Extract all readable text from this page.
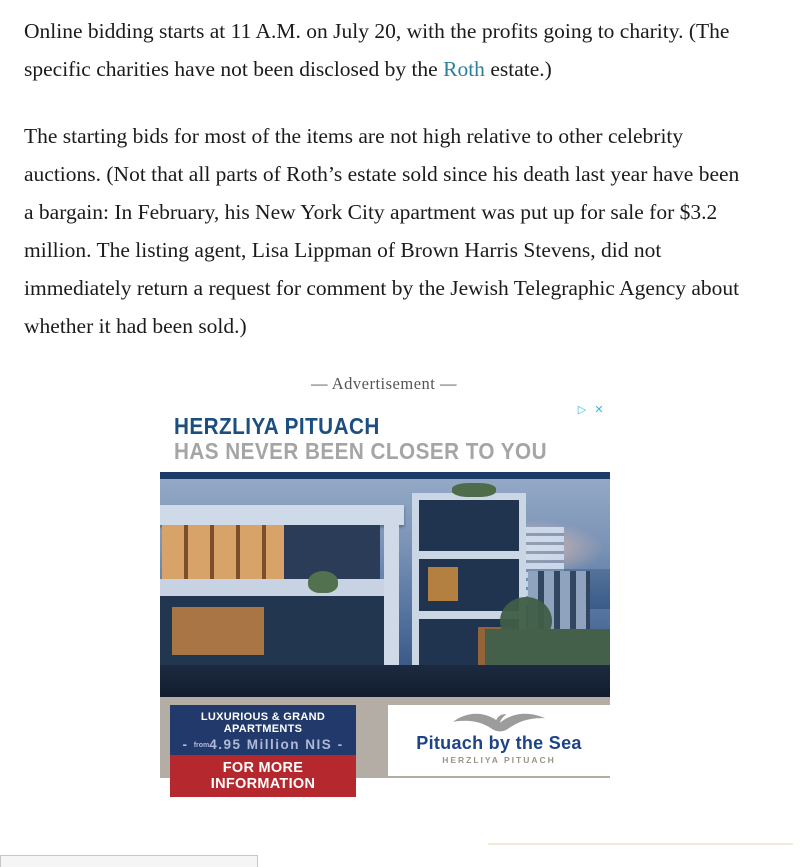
Online bidding starts at 11 A.M. on July 20, with the profits going to charity. (The specific charities have not been disclosed by the Roth estate.)

The starting bids for most of the items are not high relative to other celebrity auctions. (Not that all parts of Roth’s estate sold since his death last year have been a bargain: In February, his New York City apartment was put up for sale for $3.2 million. The listing agent, Lisa Lippman of Brown Harris Stevens, did not immediately return a request for comment by the Jewish Telegraphic Agency about whether it had been sold.)

— Advertisement —
▷ ✕
HERZLIYA PITUACH
HAS NEVER BEEN CLOSER TO YOU
LUXURIOUS & GRAND
APARTMENTS
- from4.95 Million NIS -
FOR MORE INFORMATION
Pituach by the Sea
HERZLIYA PITUACH
